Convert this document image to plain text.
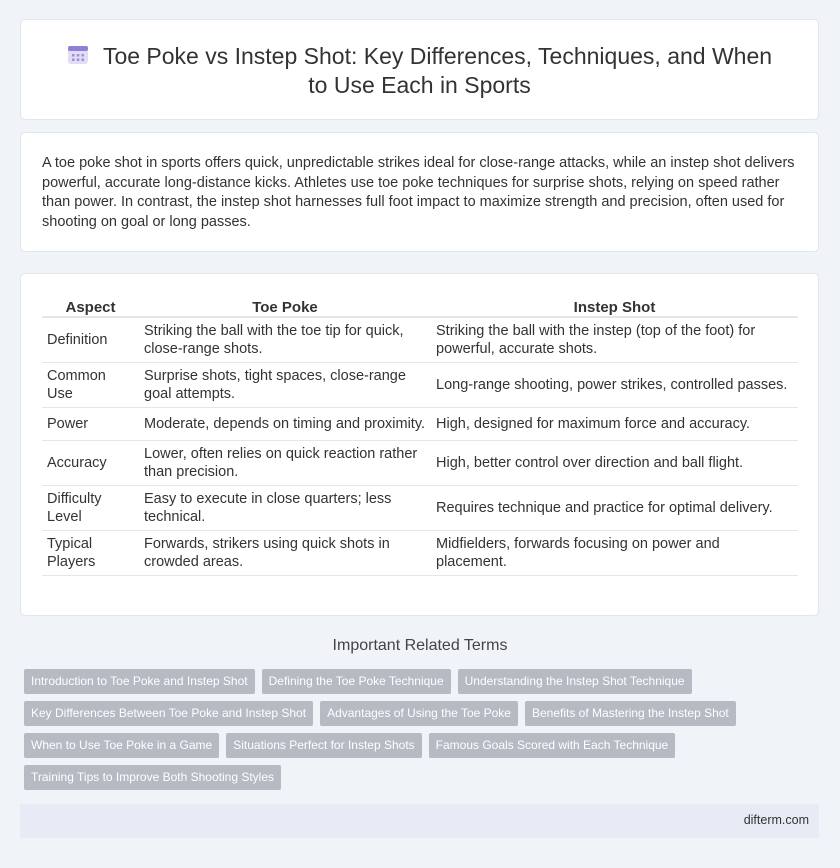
Toe Poke vs Instep Shot: Key Differences, Techniques, and When to Use Each in Sports

A toe poke shot in sports offers quick, unpredictable strikes ideal for close-range attacks, while an instep shot delivers powerful, accurate long-distance kicks. Athletes use toe poke techniques for surprise shots, relying on speed rather than power. In contrast, the instep shot harnesses full foot impact to maximize strength and precision, often used for shooting on goal or long passes.

Aspect	Toe Poke	Instep Shot
Definition	Striking the ball with the toe tip for quick, close-range shots.	Striking the ball with the instep (top of the foot) for powerful, accurate shots.
Common Use	Surprise shots, tight spaces, close-range goal attempts.	Long-range shooting, power strikes, controlled passes.
Power	Moderate, depends on timing and proximity.	High, designed for maximum force and accuracy.
Accuracy	Lower, often relies on quick reaction rather than precision.	High, better control over direction and ball flight.
Difficulty Level	Easy to execute in close quarters; less technical.	Requires technique and practice for optimal delivery.
Typical Players	Forwards, strikers using quick shots in crowded areas.	Midfielders, forwards focusing on power and placement.
Important Related Terms
Introduction to Toe Poke and Instep Shot Defining the Toe Poke Technique Understanding the Instep Shot Technique
Key Differences Between Toe Poke and Instep Shot Advantages of Using the Toe Poke Benefits of Mastering the Instep Shot
When to Use Toe Poke in a Game Situations Perfect for Instep Shots Famous Goals Scored with Each Technique
Training Tips to Improve Both Shooting Styles
difterm.com
